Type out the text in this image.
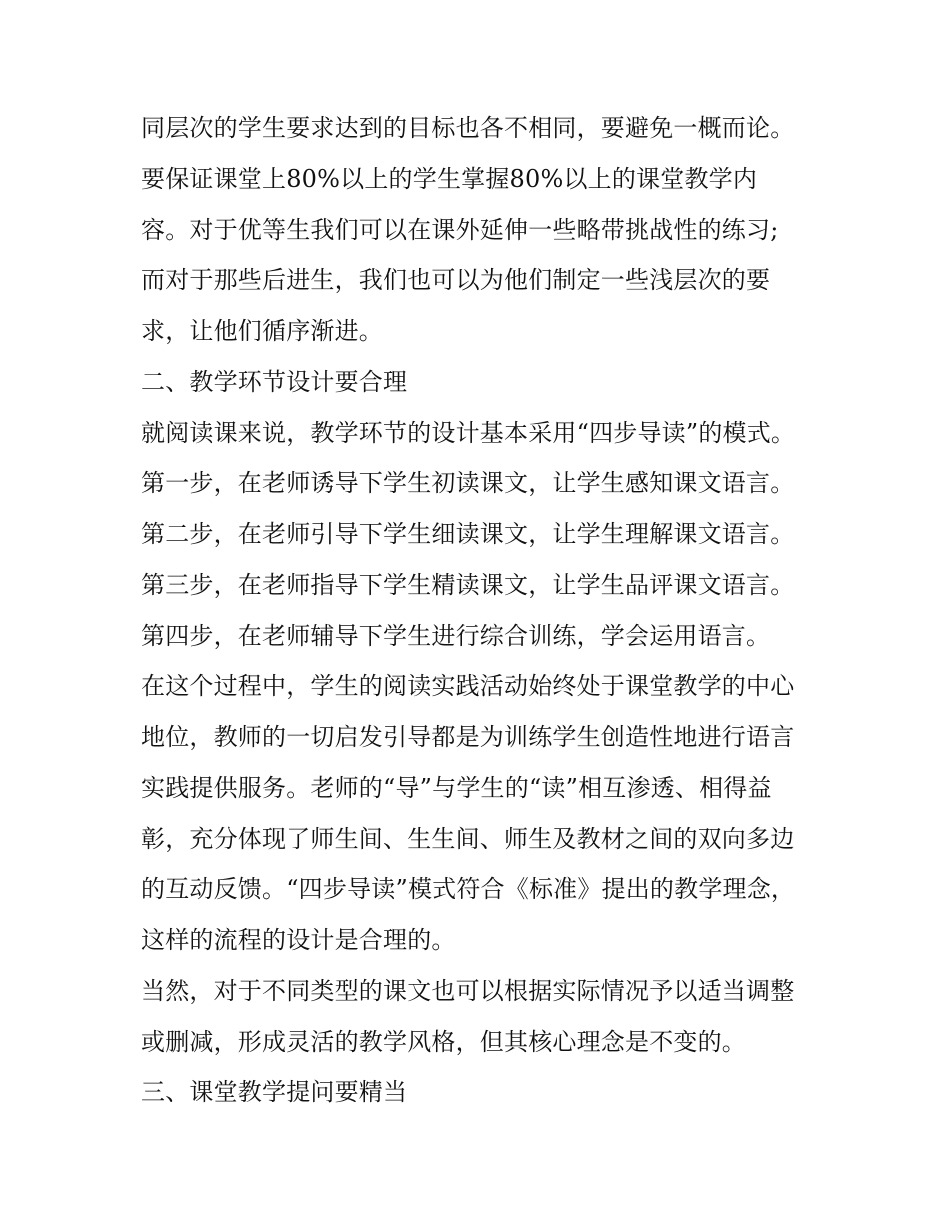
同层次的学生要求达到的目标也各不相同，要避免一概而论。
要保证课堂上80%以上的学生掌握80%以上的课堂教学内
容。对于优等生我们可以在课外延伸一些略带挑战性的练习;
而对于那些后进生，我们也可以为他们制定一些浅层次的要
求，让他们循序渐进。
二、教学环节设计要合理
就阅读课来说，教学环节的设计基本采用“四步导读”的模式。
第一步，在老师诱导下学生初读课文，让学生感知课文语言。
第二步，在老师引导下学生细读课文，让学生理解课文语言。
第三步，在老师指导下学生精读课文，让学生品评课文语言。
第四步，在老师辅导下学生进行综合训练，学会运用语言。
在这个过程中，学生的阅读实践活动始终处于课堂教学的中心
地位，教师的一切启发引导都是为训练学生创造性地进行语言
实践提供服务。老师的“导”与学生的“读”相互渗透、相得益
彰，充分体现了师生间、生生间、师生及教材之间的双向多边
的互动反馈。“四步导读”模式符合《标准》提出的教学理念，
这样的流程的设计是合理的。
当然，对于不同类型的课文也可以根据实际情况予以适当调整
或删减，形成灵活的教学风格，但其核心理念是不变的。
三、课堂教学提问要精当
